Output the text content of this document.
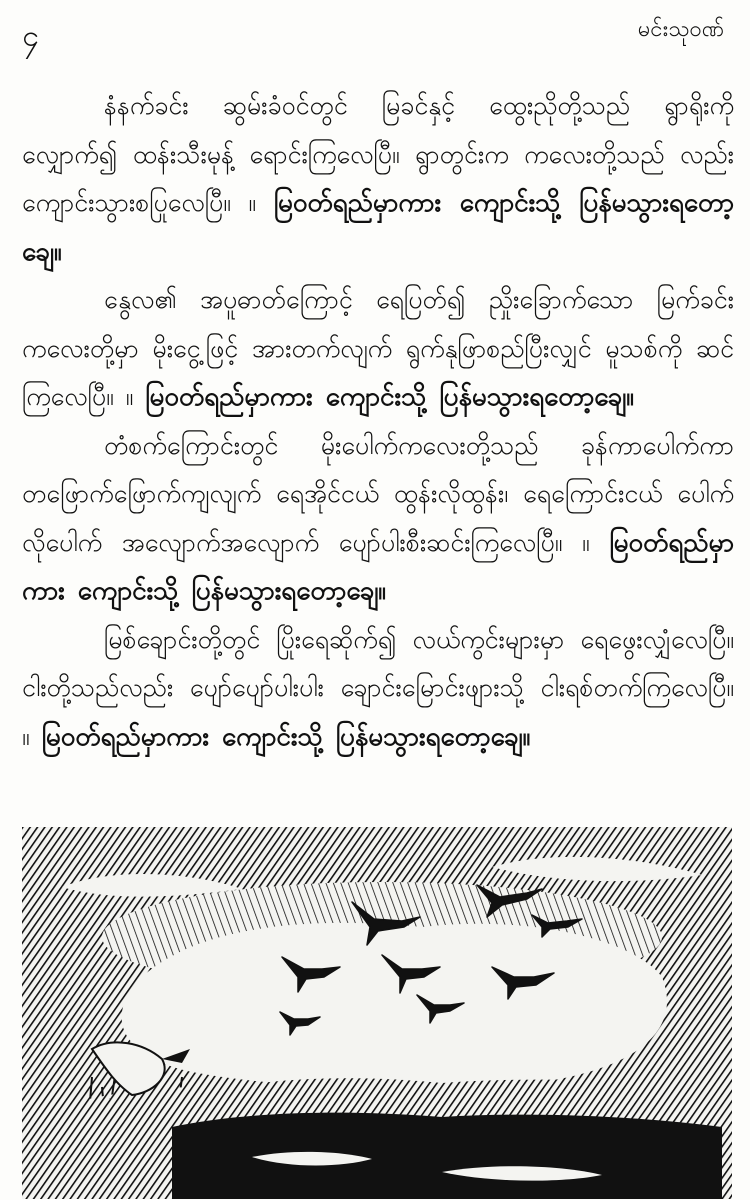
၄	မင်းသုဝဏ်

နံနက်ခင်း ဆွမ်းခံဝင်တွင် မြခင်နှင့် ထွေးညိုတို့သည် ရွာရိုးကို လျှောက်၍ ထန်းသီးမုန့် ရောင်းကြလေပြီ။ ရွာတွင်းက ကလေးတို့သည် လည်း ကျောင်းသွားစပြုလေပြီ။ ။ မြဝတ်ရည်မှာကား ကျောင်းသို့ ပြန်မသွားရတော့ချေ။

နွေလ၏ အပူဓာတ်ကြောင့် ရေပြတ်၍ ညှိုးခြောက်သော မြက်ခင်းကလေးတို့မှာ မိုးငွေ့ဖြင့် အားတက်လျက် ရွက်နုဖြာစည်ပြီးလျှင် မူသစ်ကို ဆင်ကြလေပြီ။ ။ မြဝတ်ရည်မှာကား ကျောင်းသို့ ပြန်မသွားရတော့ချေ။

တံစက်ကြောင်းတွင် မိုးပေါက်ကလေးတို့သည် ခုန်ကာပေါက်ကာ တဖြောက်ဖြောက်ကျလျက် ရေအိုင်ငယ် ထွန်းလိုထွန်း၊ ရေကြောင်းငယ် ပေါက်လိုပေါက် အလျောက်အလျောက် ပျော်ပါးစီးဆင်းကြလေပြီ။ ။ မြဝတ်ရည်မှာကား ကျောင်းသို့ ပြန်မသွားရတော့ချေ။

မြစ်ချောင်းတို့တွင် ပြိုးရေဆိုက်၍ လယ်ကွင်းများမှာ ရေဖွေးလျှံလေပြီ။ ငါးတို့သည်လည်း ပျော်ပျော်ပါးပါး ချောင်းမြောင်းဖျားသို့ ငါးရစ်တက်ကြလေပြီ။ ။ မြဝတ်ရည်မှာကား ကျောင်းသို့ ပြန်မသွားရတော့ချေ။
